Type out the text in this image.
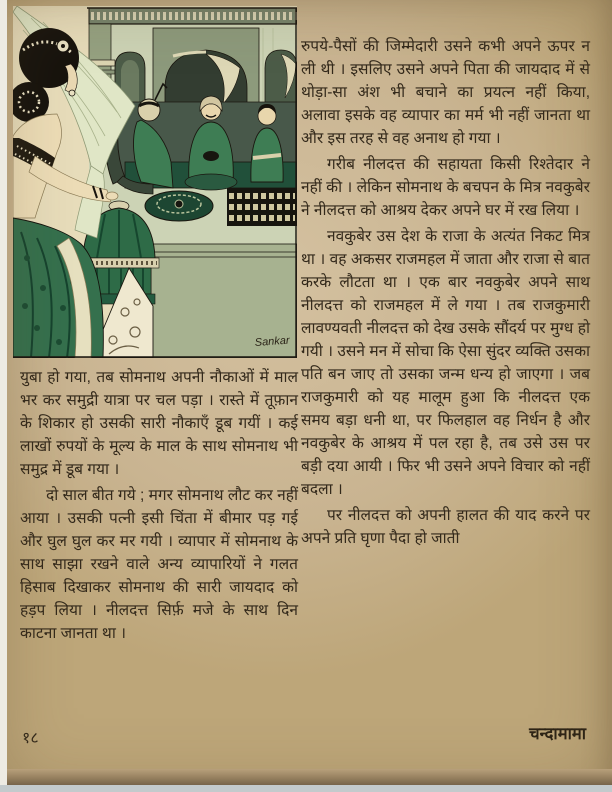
Sankar

रुपये-पैसों की जिम्मेदारी उसने कभी अपने ऊपर न ली थी । इसलिए उसने अपने पिता की जायदाद में से थोड़ा-सा अंश भी बचाने का प्रयत्न नहीं किया, अलावा इसके वह व्यापार का मर्म भी नहीं जानता था और इस तरह से वह अनाथ हो गया ।

गरीब नीलदत्त की सहायता किसी रिश्तेदार ने नहीं की । लेकिन सोमनाथ के बचपन के मित्र नवकुबेर ने नीलदत्त को आश्रय देकर अपने घर में रख लिया ।

नवकुबेर उस देश के राजा के अत्यंत निकट मित्र था । वह अकसर राजमहल में जाता और राजा से बात करके लौटता था । एक बार नवकुबेर अपने साथ नीलदत्त को राजमहल में ले गया । तब राजकुमारी लावण्यवती नीलदत्त को देख उसके सौंदर्य पर मुग्ध हो गयी । उसने मन में सोचा कि ऐसा सुंदर व्यक्ति उसका पति बन जाए तो उसका जन्म धन्य हो जाएगा । जब राजकुमारी को यह मालूम हुआ कि नीलदत्त एक समय बड़ा धनी था, पर फिलहाल वह निर्धन है और नवकुबेर के आश्रय में पल रहा है, तब उसे उस पर बड़ी दया आयी । फिर भी उसने अपने विचार को नहीं बदला ।

पर नीलदत्त को अपनी हालत की याद करने पर अपने प्रति घृणा पैदा हो जाती

युबा हो गया, तब सोमनाथ अपनी नौकाओं में माल भर कर समुद्री यात्रा पर चल पड़ा । रास्ते में तूफ़ान के शिकार हो उसकी सारी नौकाएँ डूब गयीं । कई लाखों रुपयों के मूल्य के माल के साथ सोमनाथ भी समुद्र में डूब गया ।

दो साल बीत गये ; मगर सोमनाथ लौट कर नहीं आया । उसकी पत्नी इसी चिंता में बीमार पड़ गई और घुल घुल कर मर गयी । व्यापार में सोमनाथ के साथ साझा रखने वाले अन्य व्यापारियों ने गलत हिसाब दिखाकर सोमनाथ की सारी जायदाद को हड़प लिया । नीलदत्त सिर्फ़ मजे के साथ दिन काटना जानता था ।

१८	चन्दामामा
